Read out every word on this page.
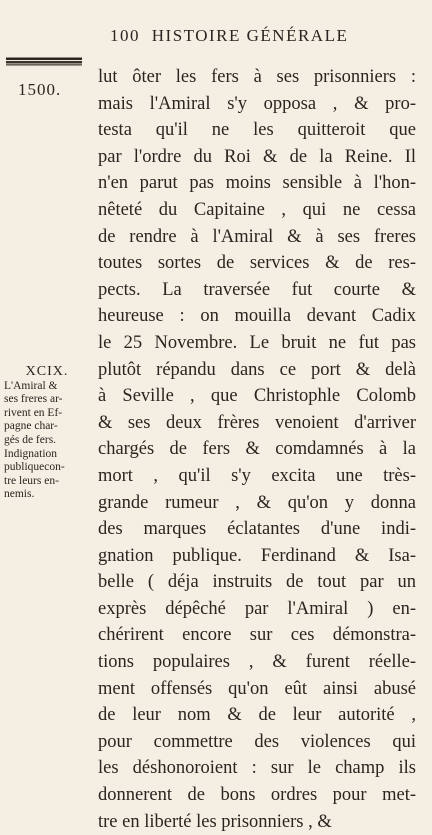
100 HISTOIRE GÉNÉRALE
1500.
XCIX.
L'Amiral &
ses freres ar-
rivent en Ef-
pagne char-
gés de fers.
Indignation
publiquecon-
tre leurs en-
nemis.
lut ôter les fers à ses prisonniers :
mais l'Amiral s'y opposa , & pro-
testa qu'il ne les quitteroit que
par l'ordre du Roi & de la Reine. Il
n'en parut pas moins sensible à l'hon-
nêteté du Capitaine , qui ne cessa
de rendre à l'Amiral & à ses freres
toutes sortes de services & de res-
pects. La traversée fut courte &
heureuse : on mouilla devant Cadix
le 25 Novembre. Le bruit ne fut pas
plutôt répandu dans ce port & delà
à Seville , que Christophle Colomb
& ses deux frères venoient d'arriver
chargés de fers & comdamnés à la
mort , qu'il s'y excita une très-
grande rumeur , & qu'on y donna
des marques éclatantes d'une indi-
gnation publique. Ferdinand & Isa-
belle ( déja instruits de tout par un
exprès dépêché par l'Amiral ) en-
chérirent encore sur ces démonstra-
tions populaires , & furent réelle-
ment offensés qu'on eût ainsi abusé
de leur nom & de leur autorité ,
pour commettre des violences qui
les déshonoroient : sur le champ ils
donnerent de bons ordres pour met-
tre en liberté les prisonniers , &
